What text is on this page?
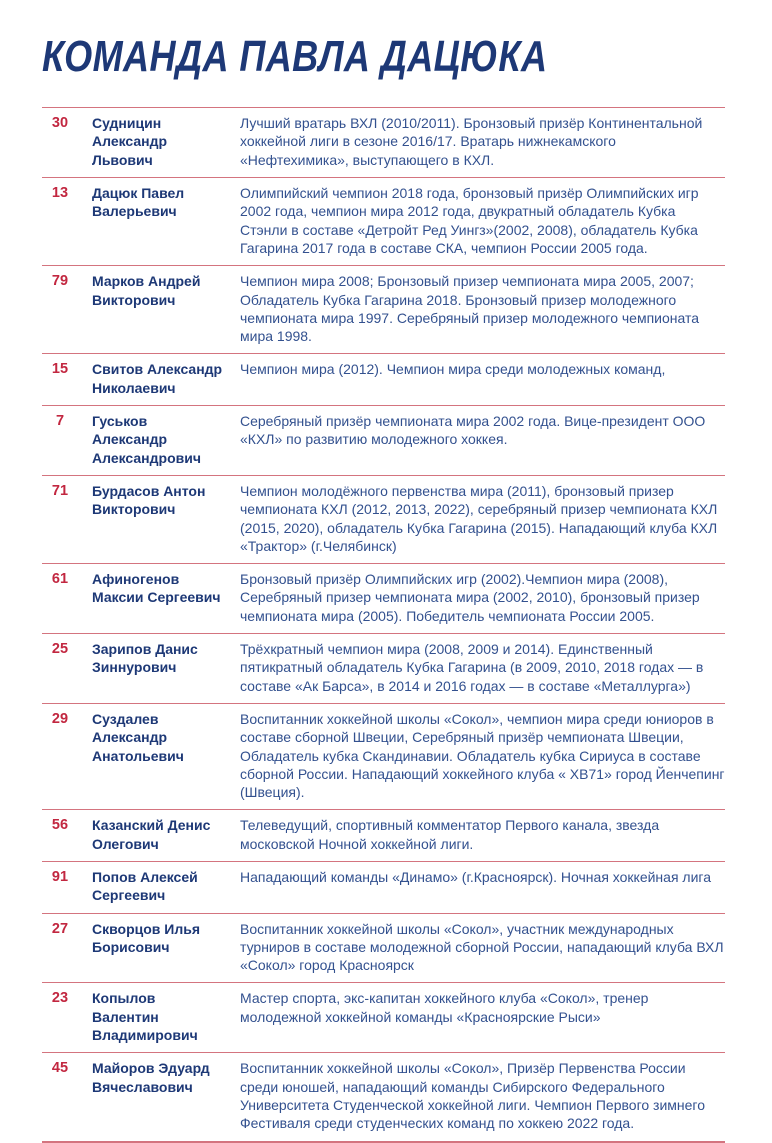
КОМАНДА ПАВЛА ДАЦЮКА
30	Судницин Александр Львович
Лучший вратарь ВХЛ (2010/2011). Бронзовый призёр Континентальной хоккейной лиги в сезоне 2016/17. Вратарь нижнекамского «Нефтехимика», выступающего в КХЛ.
13	Дацюк Павел Валерьевич
Олимпийский чемпион 2018 года, бронзовый призёр Олимпийских игр 2002 года, чемпион мира 2012 года, двукратный обладатель Кубка Стэнли в составе «Детройт Ред Уингз»(2002, 2008), обладатель Кубка Гагарина 2017 года в составе СКА, чемпион России 2005 года.
79	Марков Андрей Викторович
Чемпион мира 2008; Бронзовый призер чемпионата мира 2005, 2007; Обладатель Кубка Гагарина 2018. Бронзовый призер молодежного чемпионата мира 1997. Серебряный призер молодежного чемпионата мира 1998.
15	Свитов Александр Николаевич
Чемпион мира (2012). Чемпион мира среди молодежных команд,
7	Гуськов Александр Александрович
Серебряный призёр чемпионата мира 2002 года. Вице-президент ООО «КХЛ» по развитию молодежного хоккея.
71	Бурдасов Антон Викторович
Чемпион молодёжного первенства мира (2011), бронзовый призер чемпионата КХЛ (2012, 2013, 2022), серебряный призер чемпионата КХЛ (2015, 2020), обладатель Кубка Гагарина (2015). Нападающий клуба КХЛ «Трактор» (г.Челябинск)
61	Афиногенов Максии Сергеевич
Бронзовый призёр Олимпийских игр (2002).Чемпион мира (2008), Серебряный призер чемпионата мира (2002, 2010), бронзовый призер чемпионата мира (2005). Победитель чемпионата России 2005.
25	Зарипов Данис Зиннурович
Трёхкратный чемпион мира (2008, 2009 и 2014). Единственный пятикратный обладатель Кубка Гагарина (в 2009, 2010, 2018 годах — в составе «Ак Барса», в 2014 и 2016 годах — в составе «Металлурга»)
29	Суздалев Александр Анатольевич
Воспитанник хоккейной школы «Сокол», чемпион мира среди юниоров в составе сборной Швеции, Серебряный призёр чемпионата Швеции, Обладатель кубка Скандинавии. Обладатель кубка Сириуса в составе сборной России. Нападающий хоккейного клуба « ХВ71» город Йенчепинг (Швеция).
56	Казанский Денис Олегович
Телеведущий, спортивный комментатор Первого канала, звезда московской Ночной хоккейной лиги.
91	Попов Алексей Сергеевич
Нападающий команды «Динамо» (г.Красноярск). Ночная хоккейная лига
27	Скворцов Илья Борисович
Воспитанник хоккейной школы «Сокол», участник международных турниров в составе молодежной сборной России, нападающий клуба ВХЛ «Сокол» город Красноярск
23	Копылов Валентин Владимирович
Мастер спорта, экс-капитан хоккейного клуба «Сокол», тренер молодежной хоккейной команды «Красноярские Рыси»
45	Майоров Эдуард Вячеславович
Воспитанник хоккейной школы «Сокол», Призёр Первенства России среди юношей, нападающий команды Сибирского Федерального Университета Студенческой хоккейной лиги. Чемпион Первого зимнего Фестиваля среди студенческих команд по хоккею 2022 года.
